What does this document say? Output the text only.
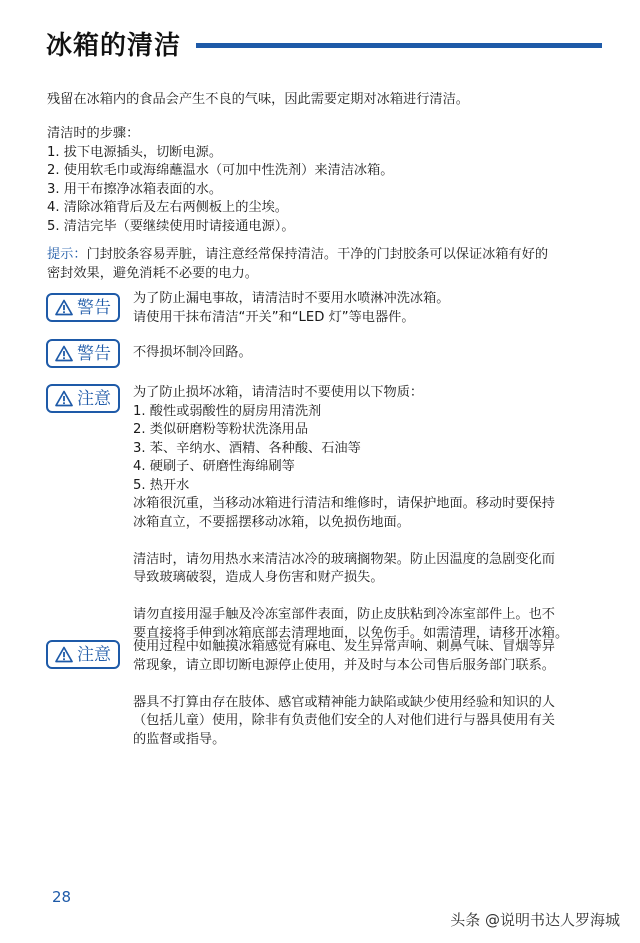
冰箱的清洁

残留在冰箱内的食品会产生不良的气味，因此需要定期对冰箱进行清洁。

清洁时的步骤：

1. 拔下电源插头，切断电源。

2. 使用软毛巾或海绵蘸温水（可加中性洗剂）来清洁冰箱。

3. 用干布擦净冰箱表面的水。

4. 清除冰箱背后及左右两侧板上的尘埃。

5. 清洁完毕（要继续使用时请接通电源）。

提示：门封胶条容易弄脏，请注意经常保持清洁。干净的门封胶条可以保证冰箱有好的

密封效果，避免消耗不必要的电力。

警告 为了防止漏电事故，请清洁时不要用水喷淋冲洗冰箱。

请使用干抹布清洁“开关”和“LED 灯”等电器件。

警告 不得损坏制冷回路。

注意 为了防止损坏冰箱，请清洁时不要使用以下物质：

1. 酸性或弱酸性的厨房用清洗剂

2. 类似研磨粉等粉状洗涤用品

3. 苯、辛纳水、酒精、各种酸、石油等

4. 硬刷子、研磨性海绵刷等

5. 热开水

冰箱很沉重，当移动冰箱进行清洁和维修时，请保护地面。移动时要保持

冰箱直立，不要摇摆移动冰箱，以免损伤地面。

清洁时，请勿用热水来清洁冰冷的玻璃搁物架。防止因温度的急剧变化而

导致玻璃破裂，造成人身伤害和财产损失。

请勿直接用湿手触及冷冻室部件表面，防止皮肤粘到冷冻室部件上。也不

要直接将手伸到冰箱底部去清理地面，以免伤手。如需清理，请移开冰箱。

注意 使用过程中如触摸冰箱感觉有麻电、发生异常声响、刺鼻气味、冒烟等异

常现象，请立即切断电源停止使用，并及时与本公司售后服务部门联系。

器具不打算由存在肢体、感官或精神能力缺陷或缺少使用经验和知识的人

（包括儿童）使用，除非有负责他们安全的人对他们进行与器具使用有关

的监督或指导。

28
头条 @说明书达人罗海城
